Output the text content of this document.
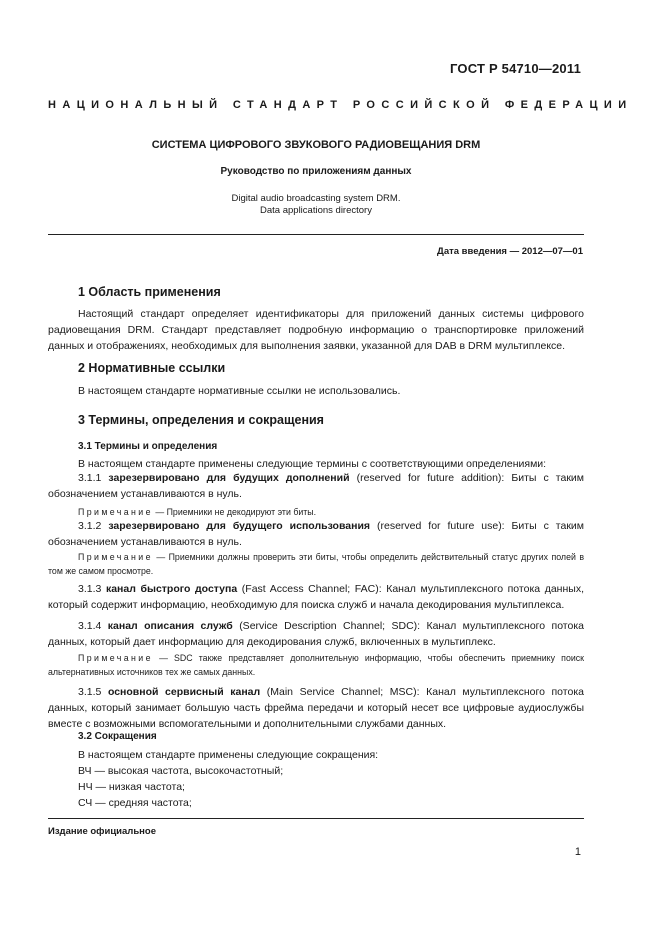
ГОСТ Р 54710—2011
НАЦИОНАЛЬНЫЙ СТАНДАРТ РОССИЙСКОЙ ФЕДЕРАЦИИ
СИСТЕМА ЦИФРОВОГО ЗВУКОВОГО РАДИОВЕЩАНИЯ DRM
Руководство по приложениям данных
Digital audio broadcasting system DRM.
Data applications directory
Дата введения — 2012—07—01
1 Область применения
Настоящий стандарт определяет идентификаторы для приложений данных системы цифрового радиовещания DRM. Стандарт представляет подробную информацию о транспортировке приложений данных и отображениях, необходимых для выполнения заявки, указанной для DAB в DRM мультиплексе.
2 Нормативные ссылки
В настоящем стандарте нормативные ссылки не использовались.
3 Термины, определения и сокращения
3.1 Термины и определения
В настоящем стандарте применены следующие термины с соответствующими определениями:
3.1.1 зарезервировано для будущих дополнений (reserved for future addition): Биты с таким обозначением устанавливаются в нуль.
Примечание — Приемники не декодируют эти биты.
3.1.2 зарезервировано для будущего использования (reserved for future use): Биты с таким обозначением устанавливаются в нуль.
Примечание — Приемники должны проверить эти биты, чтобы определить действительный статус других полей в том же самом просмотре.
3.1.3 канал быстрого доступа (Fast Access Channel; FAC): Канал мультиплексного потока данных, который содержит информацию, необходимую для поиска служб и начала декодирования мультиплекса.
3.1.4 канал описания служб (Service Description Channel; SDC): Канал мультиплексного потока данных, который дает информацию для декодирования служб, включенных в мультиплекс.
Примечание — SDC также представляет дополнительную информацию, чтобы обеспечить приемнику поиск альтернативных источников тех же самых данных.
3.1.5 основной сервисный канал (Main Service Channel; MSC): Канал мультиплексного потока данных, который занимает большую часть фрейма передачи и который несет все цифровые аудиослужбы вместе с возможными вспомогательными и дополнительными службами данных.
3.2 Сокращения
В настоящем стандарте применены следующие сокращения:
ВЧ — высокая частота, высокочастотный;
НЧ — низкая частота;
СЧ — средняя частота;
Издание официальное
1
